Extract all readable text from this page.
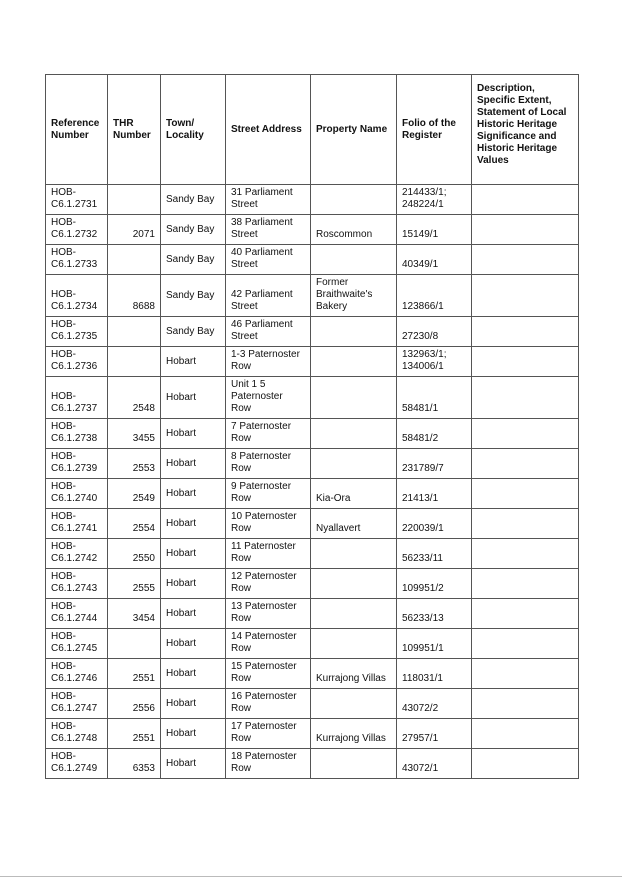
Reference Number	THR Number	Town/ Locality	Street Address	Property Name	Folio of the Register	Description, Specific Extent, Statement of Local Historic Heritage Significance and Historic Heritage Values
HOB-C6.1.2731		Sandy Bay	31 Parliament Street		214433/1; 248224/1	
HOB-C6.1.2732	2071	Sandy Bay	38 Parliament Street	Roscommon	15149/1	
HOB-C6.1.2733		Sandy Bay	40 Parliament Street		40349/1	
HOB-C6.1.2734	8688	Sandy Bay	42 Parliament Street	Former Braithwaite's Bakery	123866/1	
HOB-C6.1.2735		Sandy Bay	46 Parliament Street		27230/8	
HOB-C6.1.2736		Hobart	1-3 Paternoster Row		132963/1; 134006/1	
HOB-C6.1.2737	2548	Hobart	Unit 1 5 Paternoster Row		58481/1	
HOB-C6.1.2738	3455	Hobart	7 Paternoster Row		58481/2	
HOB-C6.1.2739	2553	Hobart	8 Paternoster Row		231789/7	
HOB-C6.1.2740	2549	Hobart	9 Paternoster Row	Kia-Ora	21413/1	
HOB-C6.1.2741	2554	Hobart	10 Paternoster Row	Nyallavert	220039/1	
HOB-C6.1.2742	2550	Hobart	11 Paternoster Row		56233/11	
HOB-C6.1.2743	2555	Hobart	12 Paternoster Row		109951/2	
HOB-C6.1.2744	3454	Hobart	13 Paternoster Row		56233/13	
HOB-C6.1.2745		Hobart	14 Paternoster Row		109951/1	
HOB-C6.1.2746	2551	Hobart	15 Paternoster Row	Kurrajong Villas	118031/1	
HOB-C6.1.2747	2556	Hobart	16 Paternoster Row		43072/2	
HOB-C6.1.2748	2551	Hobart	17 Paternoster Row	Kurrajong Villas	27957/1	
HOB-C6.1.2749	6353	Hobart	18 Paternoster Row		43072/1	
